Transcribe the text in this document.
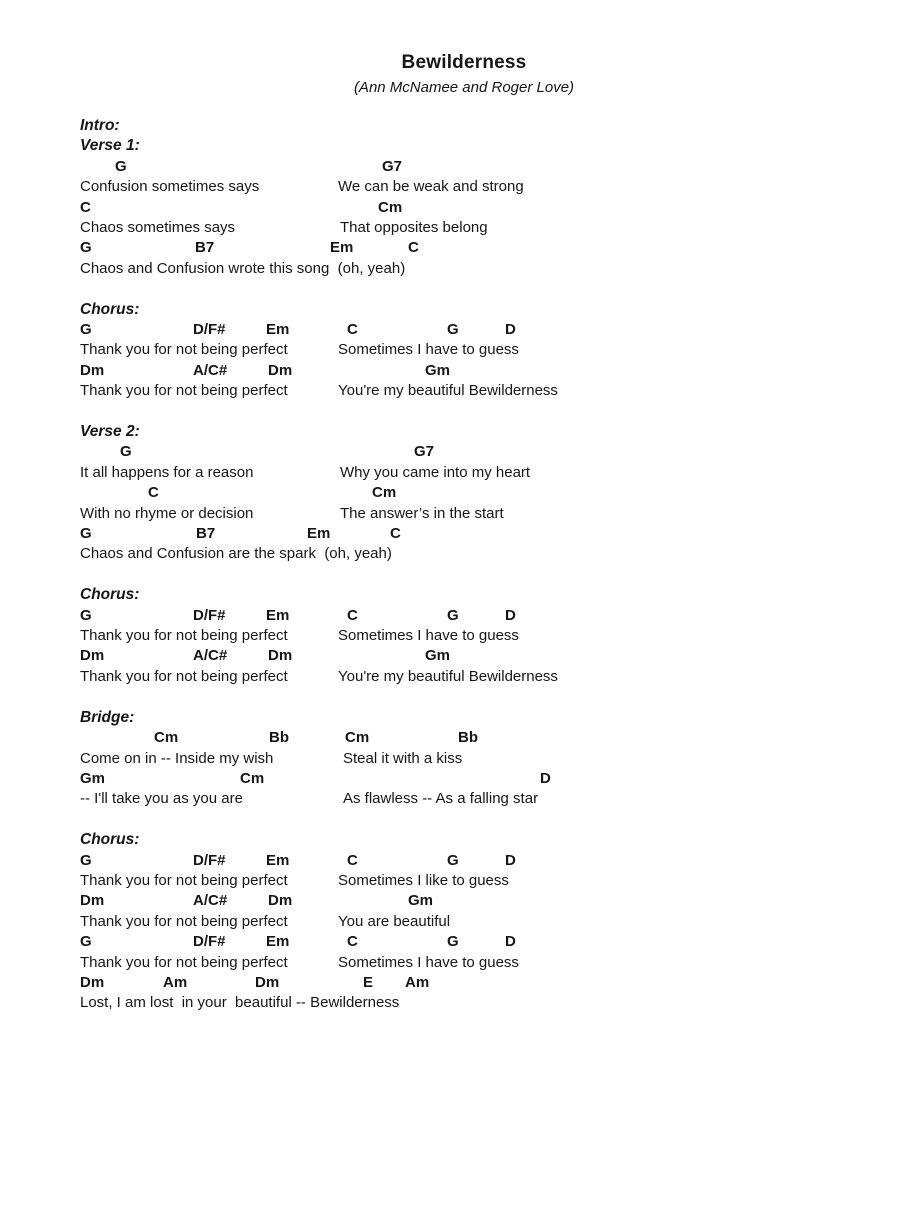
Bewilderness
(Ann McNamee and Roger Love)
Intro:
Verse 1:
G	G7
Confusion sometimes says	We can be weak and strong
C	Cm
Chaos sometimes says	That opposites belong
G	B7	Em	C
Chaos and Confusion wrote this song  (oh, yeah)
Chorus:
G	D/F#	Em	C	G	D
Thank you for not being perfect	Sometimes I have to guess
Dm	A/C#	Dm	Gm
Thank you for not being perfect	You're my beautiful Bewilderness
Verse 2:
G	G7
It all happens for a reason	Why you came into my heart
C	Cm
With no rhyme or decision	The answer’s in the start
G	B7	Em	C
Chaos and Confusion are the spark  (oh, yeah)
Chorus:
G	D/F#	Em	C	G	D
Thank you for not being perfect	Sometimes I have to guess
Dm	A/C#	Dm	Gm
Thank you for not being perfect	You're my beautiful Bewilderness
Bridge:
Cm	Bb	Cm	Bb
Come on in -- Inside my wish	Steal it with a kiss
Gm	Cm	D
-- I'll take you as you are	As flawless -- As a falling star
Chorus:
G	D/F#	Em	C	G	D
Thank you for not being perfect	Sometimes I like to guess
Dm	A/C#	Dm	Gm
Thank you for not being perfect	You are beautiful
G	D/F#	Em	C	G	D
Thank you for not being perfect	Sometimes I have to guess
Dm	Am	Dm	E Am
Lost, I am lost  in your  beautiful -- Bewilderness
